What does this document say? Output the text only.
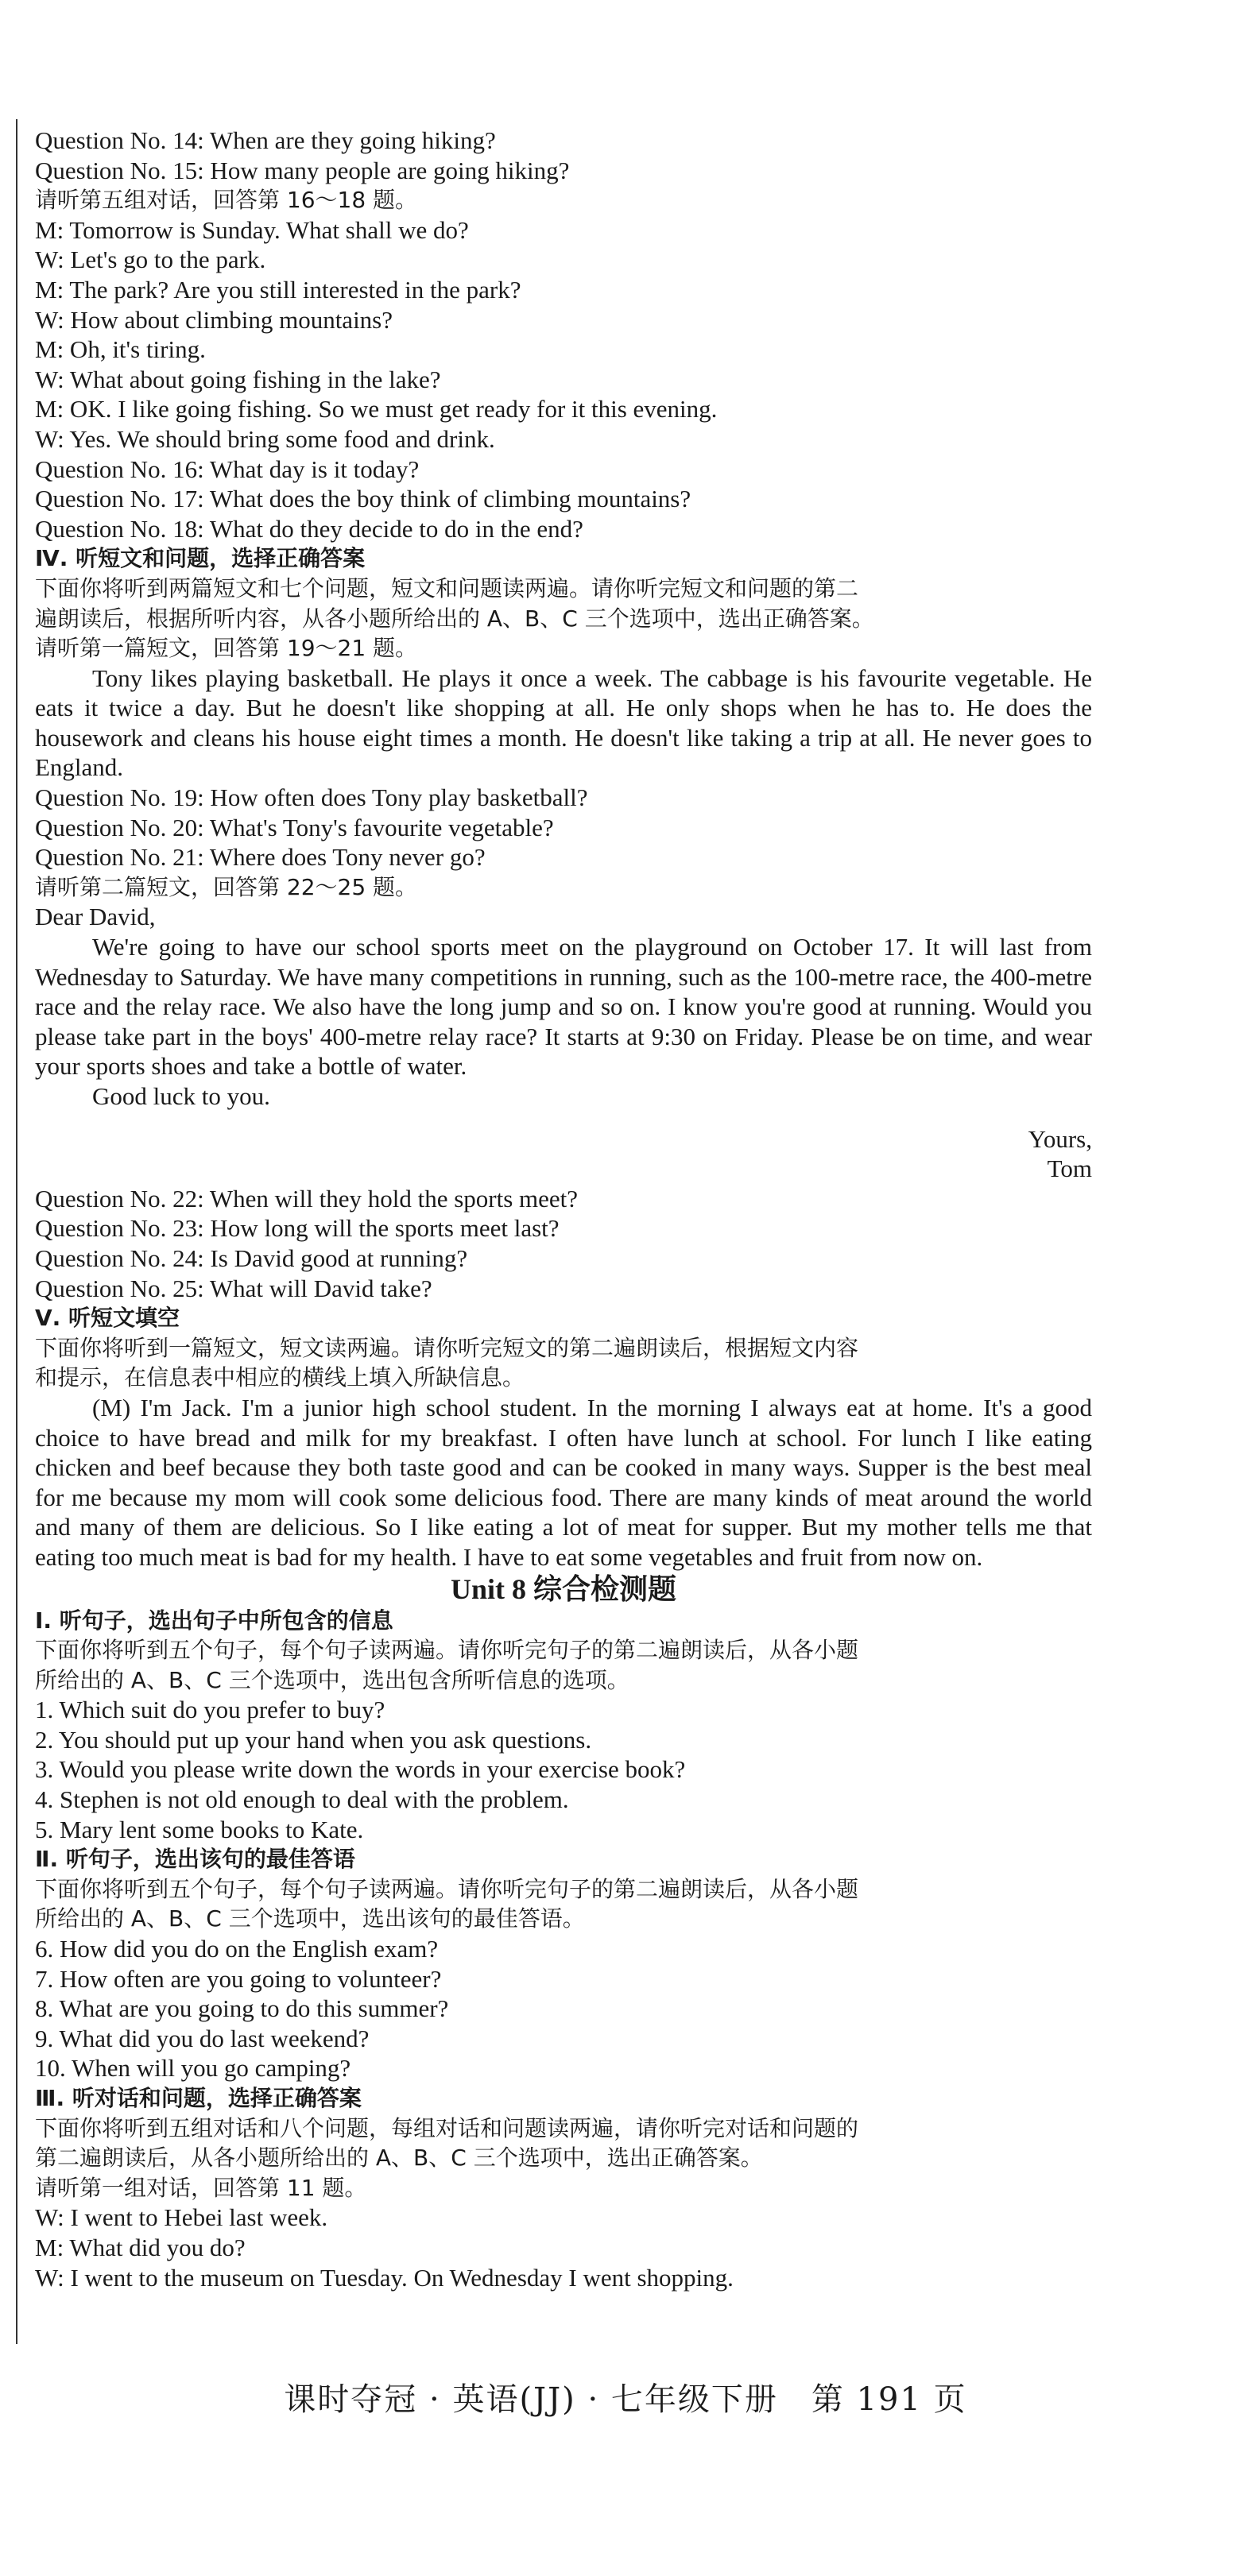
Question No. 14: When are they going hiking?
Question No. 15: How many people are going hiking?
请听第五组对话，回答第 16～18 题。
M: Tomorrow is Sunday. What shall we do?
W: Let's go to the park.
M: The park? Are you still interested in the park?
W: How about climbing mountains?
M: Oh, it's tiring.
W: What about going fishing in the lake?
M: OK. I like going fishing. So we must get ready for it this evening.
W: Yes. We should bring some food and drink.
Question No. 16: What day is it today?
Question No. 17: What does the boy think of climbing mountains?
Question No. 18: What do they decide to do in the end?
Ⅳ. 听短文和问题，选择正确答案
下面你将听到两篇短文和七个问题，短文和问题读两遍。请你听完短文和问题的第二
遍朗读后，根据所听内容，从各小题所给出的 A、B、C 三个选项中，选出正确答案。
请听第一篇短文，回答第 19～21 题。
Tony likes playing basketball. He plays it once a week. The cabbage is his favourite vegetable. He eats it twice a day. But he doesn't like shopping at all. He only shops when he has to. He does the housework and cleans his house eight times a month. He doesn't like taking a trip at all. He never goes to England.
Question No. 19: How often does Tony play basketball?
Question No. 20: What's Tony's favourite vegetable?
Question No. 21: Where does Tony never go?
请听第二篇短文，回答第 22～25 题。
Dear David,
We're going to have our school sports meet on the playground on October 17. It will last from Wednesday to Saturday. We have many competitions in running, such as the 100-metre race, the 400-metre race and the relay race. We also have the long jump and so on. I know you're good at running. Would you please take part in the boys' 400-metre relay race? It starts at 9:30 on Friday. Please be on time, and wear your sports shoes and take a bottle of water.
Good luck to you.
Yours,
Tom
Question No. 22: When will they hold the sports meet?
Question No. 23: How long will the sports meet last?
Question No. 24: Is David good at running?
Question No. 25: What will David take?
Ⅴ. 听短文填空
下面你将听到一篇短文，短文读两遍。请你听完短文的第二遍朗读后，根据短文内容
和提示，在信息表中相应的横线上填入所缺信息。
(M) I'm Jack. I'm a junior high school student. In the morning I always eat at home. It's a good choice to have bread and milk for my breakfast. I often have lunch at school. For lunch I like eating chicken and beef because they both taste good and can be cooked in many ways. Supper is the best meal for me because my mom will cook some delicious food. There are many kinds of meat around the world and many of them are delicious. So I like eating a lot of meat for supper. But my mother tells me that eating too much meat is bad for my health. I have to eat some vegetables and fruit from now on.
Unit 8 综合检测题
Ⅰ. 听句子，选出句子中所包含的信息
下面你将听到五个句子，每个句子读两遍。请你听完句子的第二遍朗读后，从各小题
所给出的 A、B、C 三个选项中，选出包含所听信息的选项。
1. Which suit do you prefer to buy?
2. You should put up your hand when you ask questions.
3. Would you please write down the words in your exercise book?
4. Stephen is not old enough to deal with the problem.
5. Mary lent some books to Kate.
Ⅱ. 听句子，选出该句的最佳答语
下面你将听到五个句子，每个句子读两遍。请你听完句子的第二遍朗读后，从各小题
所给出的 A、B、C 三个选项中，选出该句的最佳答语。
6. How did you do on the English exam?
7. How often are you going to volunteer?
8. What are you going to do this summer?
9. What did you do last weekend?
10. When will you go camping?
Ⅲ. 听对话和问题，选择正确答案
下面你将听到五组对话和八个问题，每组对话和问题读两遍，请你听完对话和问题的
第二遍朗读后，从各小题所给出的 A、B、C 三个选项中，选出正确答案。
请听第一组对话，回答第 11 题。
W: I went to Hebei last week.
M: What did you do?
W: I went to the museum on Tuesday. On Wednesday I went shopping.
课时夺冠 · 英语(JJ) · 七年级下册　第 191 页
